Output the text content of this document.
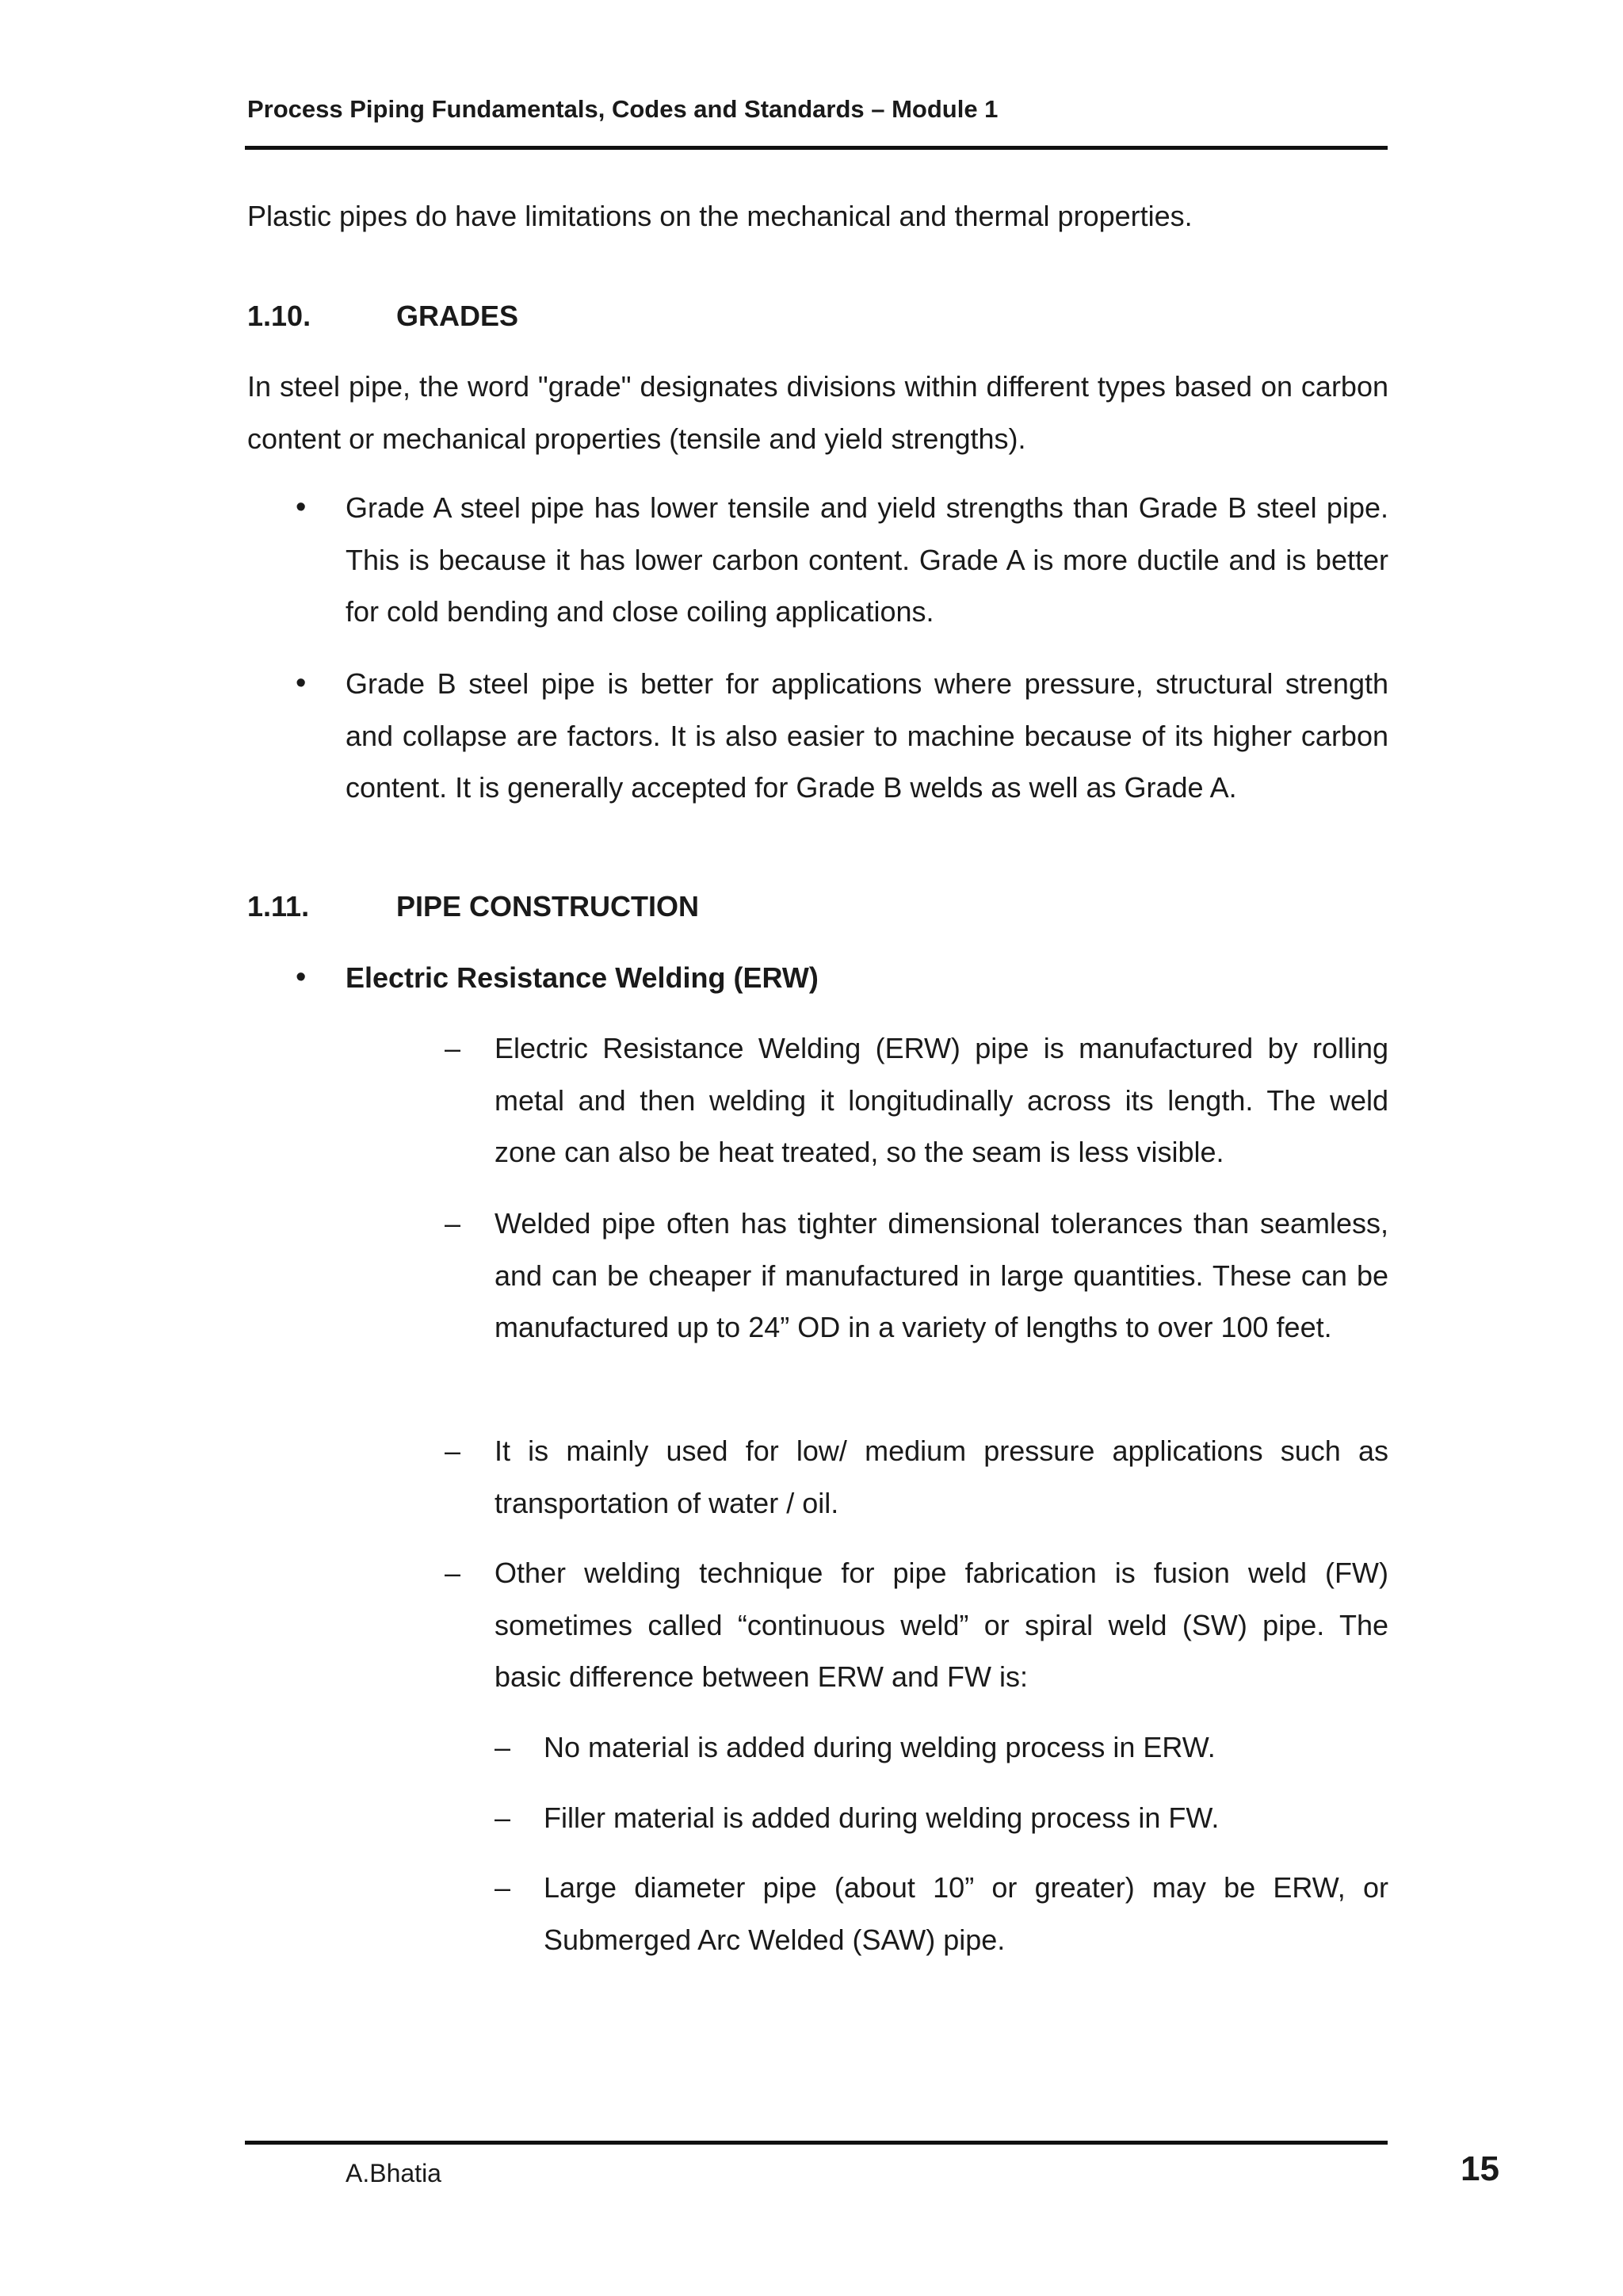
Process Piping Fundamentals, Codes and Standards – Module 1
Plastic pipes do have limitations on the mechanical and thermal properties.
1.10.	GRADES
In steel pipe, the word "grade" designates divisions within different types based on carbon content or mechanical properties (tensile and yield strengths).
• Grade A steel pipe has lower tensile and yield strengths than Grade B steel pipe. This is because it has lower carbon content. Grade A is more ductile and is better for cold bending and close coiling applications.
• Grade B steel pipe is better for applications where pressure, structural strength and collapse are factors. It is also easier to machine because of its higher carbon content. It is generally accepted for Grade B welds as well as Grade A.
1.11.	PIPE CONSTRUCTION
• Electric Resistance Welding (ERW)
– Electric Resistance Welding (ERW) pipe is manufactured by rolling metal and then welding it longitudinally across its length. The weld zone can also be heat treated, so the seam is less visible.
– Welded pipe often has tighter dimensional tolerances than seamless, and can be cheaper if manufactured in large quantities. These can be manufactured up to 24” OD in a variety of lengths to over 100 feet.
– It is mainly used for low/ medium pressure applications such as transportation of water / oil.
– Other welding technique for pipe fabrication is fusion weld (FW) sometimes called “continuous weld” or spiral weld (SW) pipe. The basic difference between ERW and FW is:
– No material is added during welding process in ERW.
– Filler material is added during welding process in FW.
– Large diameter pipe (about 10” or greater) may be ERW, or Submerged Arc Welded (SAW) pipe.
A.Bhatia	15
